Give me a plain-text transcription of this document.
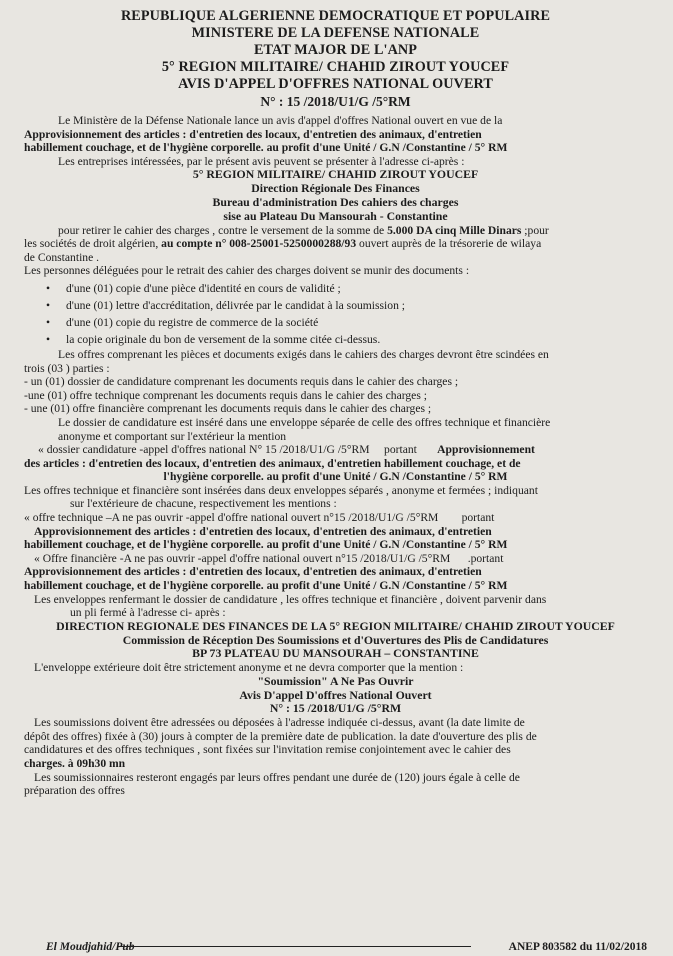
REPUBLIQUE ALGERIENNE DEMOCRATIQUE ET POPULAIRE
MINISTERE DE LA DEFENSE NATIONALE
ETAT MAJOR DE L'ANP
5° REGION MILITAIRE/ CHAHID ZIROUT YOUCEF
AVIS D'APPEL D'OFFRES NATIONAL OUVERT
N° : 15 /2018/U1/G /5°RM

Le Ministère de la Défense Nationale lance un avis d'appel d'offres National ouvert en vue de la

Approvisionnement des articles : d'entretien des locaux, d'entretien des animaux, d'entretien

habillement couchage, et de l'hygiène corporelle. au profit d'une Unité / G.N /Constantine / 5° RM

Les entreprises intéressées, par le présent avis peuvent se présenter à l'adresse ci-après :

5° REGION MILITAIRE/ CHAHID ZIROUT YOUCEF
Direction Régionale Des Finances
Bureau d'administration Des cahiers des charges
sise au Plateau Du Mansourah - Constantine

pour retirer le cahier des charges , contre le versement de la somme de 5.000 DA cinq Mille Dinars ;pour

les sociétés de droit algérien, au compte n° 008-25001-5250000288/93 ouvert auprès de la trésorerie de wilaya

de Constantine .

Les personnes déléguées pour le retrait des cahier des charges doivent se munir des documents :

• d'une (01) copie d'une pièce d'identité en cours de validité ;
• d'une (01) lettre d'accréditation, délivrée par le candidat à la soumission ;
• d'une (01) copie du registre de commerce de la société
• la copie originale du bon de versement de la somme citée ci-dessus.

Les offres comprenant les pièces et documents exigés dans le cahiers des charges devront être scindées en

trois (03 ) parties :

- un (01) dossier de candidature comprenant les documents requis dans le cahier des charges ;

-une (01) offre technique comprenant les documents requis dans le cahier des charges ;

- une (01) offre financière comprenant les documents requis dans le cahier des charges ;

Le dossier de candidature est inséré dans une enveloppe séparée de celle des offres technique et financière

anonyme et comportant sur l'extérieur la mention

« dossier candidature -appel d'offres national N° 15 /2018/U1/G /5°RM portant Approvisionnement

des articles : d'entretien des locaux, d'entretien des animaux, d'entretien habillement couchage, et de

l'hygiène corporelle. au profit d'une Unité / G.N /Constantine / 5° RM

Les offres technique et financière sont insérées dans deux enveloppes séparés , anonyme et fermées ; indiquant

sur l'extérieure de chacune, respectivement les mentions :

« offre technique –A ne pas ouvrir -appel d'offre national ouvert n°15 /2018/U1/G /5°RM portant

Approvisionnement des articles : d'entretien des locaux, d'entretien des animaux, d'entretien

habillement couchage, et de l'hygiène corporelle. au profit d'une Unité / G.N /Constantine / 5° RM

« Offre financière -A ne pas ouvrir -appel d'offre national ouvert n°15 /2018/U1/G /5°RM .portant

Approvisionnement des articles : d'entretien des locaux, d'entretien des animaux, d'entretien

habillement couchage, et de l'hygiène corporelle. au profit d'une Unité / G.N /Constantine / 5° RM

Les enveloppes renfermant le dossier de candidature , les offres technique et financière , doivent parvenir dans

un pli fermé à l'adresse ci- après :

DIRECTION REGIONALE DES FINANCES DE LA 5° REGION MILITAIRE/ CHAHID ZIROUT YOUCEF
Commission de Réception Des Soumissions et d'Ouvertures des Plis de Candidatures
BP 73 PLATEAU DU MANSOURAH – CONSTANTINE

L'enveloppe extérieure doit être strictement anonyme et ne devra comporter que la mention :

"Soumission" A Ne Pas Ouvrir
Avis D'appel D'offres National Ouvert
N° : 15 /2018/U1/G /5°RM

Les soumissions doivent être adressées ou déposées à l'adresse indiquée ci-dessus, avant (la date limite de

dépôt des offres) fixée à (30) jours à compter de la première date de publication. la date d'ouverture des plis de

candidatures et des offres techniques , sont fixées sur l'invitation remise conjointement avec le cahier des

charges. à 09h30 mn

Les soumissionnaires resteront engagés par leurs offres pendant une durée de (120) jours égale à celle de

préparation des offres

El Moudjahid/Pub	ANEP 803582 du 11/02/2018
